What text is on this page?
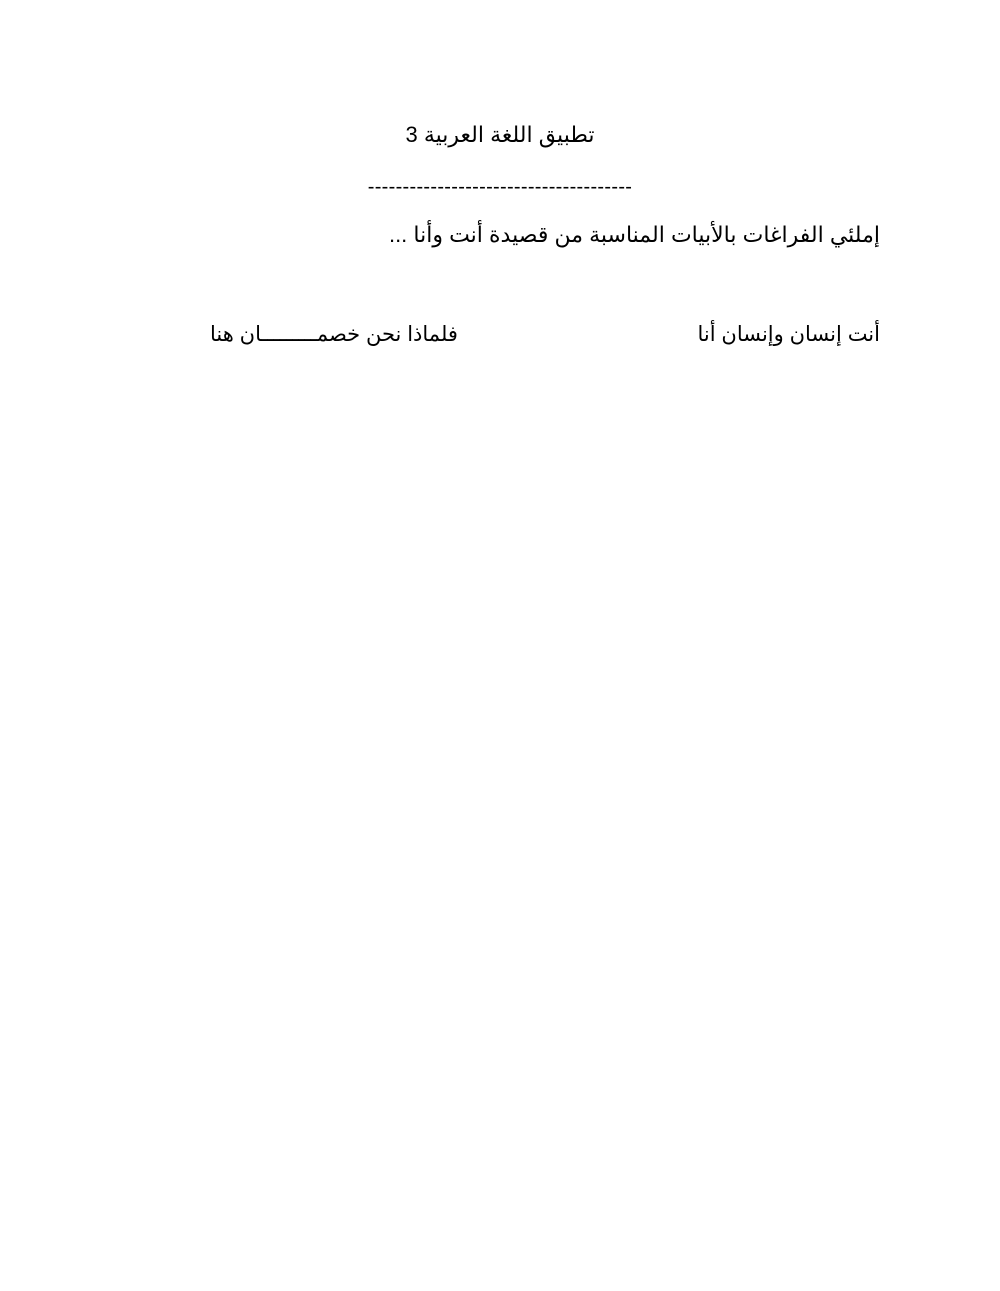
تطبيق اللغة العربية 3
--------------------------------------
إملئي الفراغات بالأبيات المناسبة من قصيدة أنت وأنا ...
أنت إنسان وإنسان أنا
فلماذا نحن خصمـــــــــان هنا
